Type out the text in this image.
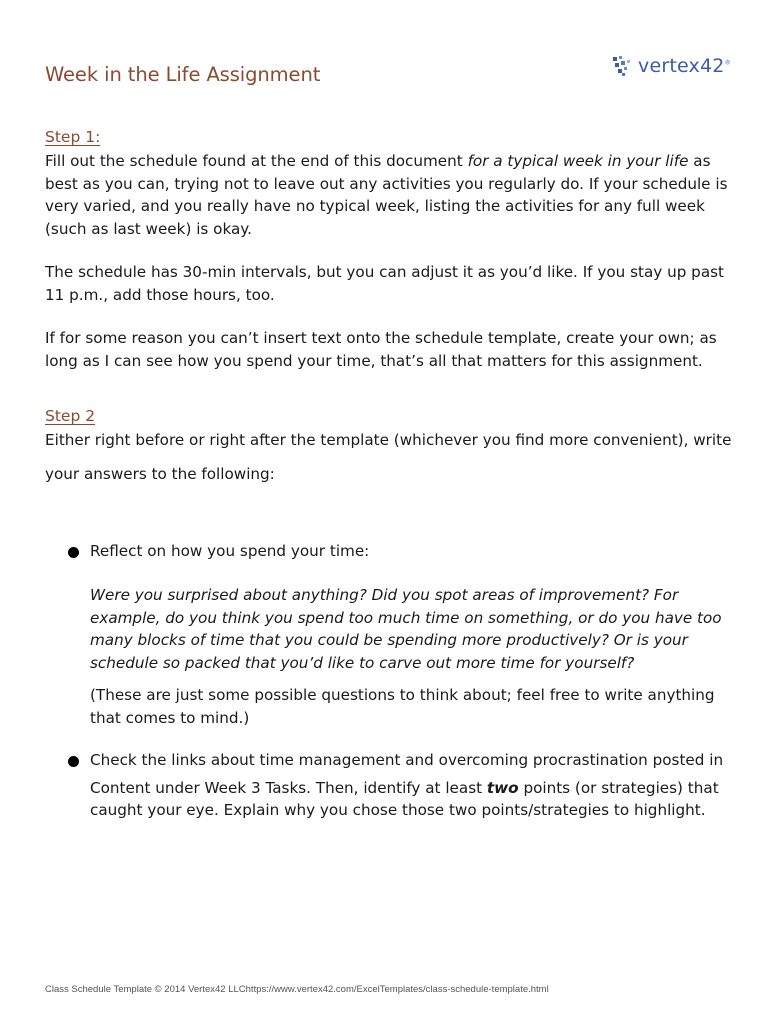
Week in the Life Assignment	vertex42®
Step 1:

Fill out the schedule found at the end of this document for a typical week in your life as best as you can, trying not to leave out any activities you regularly do. If your schedule is very varied, and you really have no typical week, listing the activities for any full week (such as last week) is okay.

The schedule has 30-min intervals, but you can adjust it as you’d like. If you stay up past 11 p.m., add those hours, too.

If for some reason you can’t insert text onto the schedule template, create your own; as long as I can see how you spend your time, that’s all that matters for this assignment.

Step 2
Either right before or right after the template (whichever you find more convenient), write
your answers to the following:
Reflect on how you spend your time:
Were you surprised about anything? Did you spot areas of improvement? For example, do you think you spend too much time on something, or do you have too many blocks of time that you could be spending more productively? Or is your schedule so packed that you’d like to carve out more time for yourself?
(These are just some possible questions to think about; feel free to write anything that comes to mind.)
Check the links about time management and overcoming procrastination posted in
Content under Week 3 Tasks. Then, identify at least two points (or strategies) that caught your eye. Explain why you chose those two points/strategies to highlight.
Class Schedule Template © 2014 Vertex42 LLChttps://www.vertex42.com/ExcelTemplates/class-schedule-template.html
